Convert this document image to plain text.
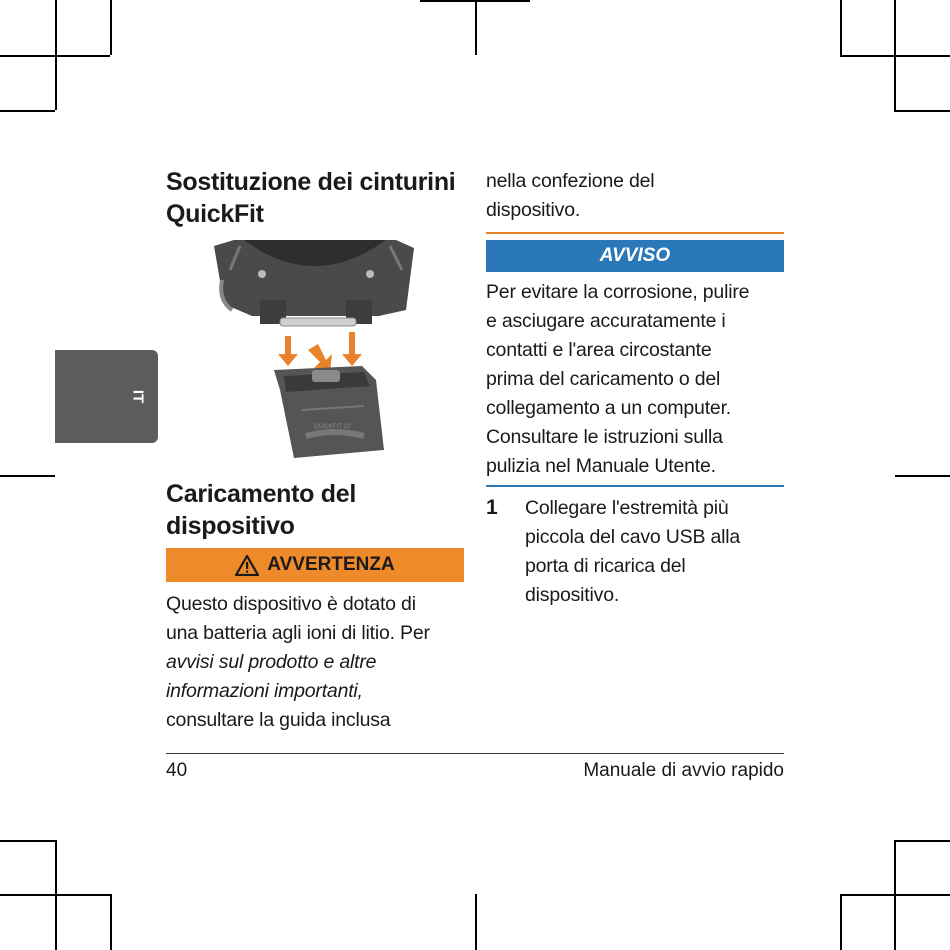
IT
Sostituzione dei cinturini
QuickFit
QUICKFIT 22
Caricamento del
dispositivo
AVVERTENZA

Questo dispositivo è dotato di
una batteria agli ioni di litio. Per
avvisi sul prodotto e altre
informazioni importanti,
consultare la guida inclusa

nella confezione del
dispositivo.

AVVISO

Per evitare la corrosione, pulire
e asciugare accuratamente i
contatti e l'area circostante
prima del caricamento o del
collegamento a un computer.
Consultare le istruzioni sulla
pulizia nel Manuale Utente.

1 Collegare l'estremità più
piccola del cavo USB alla
porta di ricarica del
dispositivo.

40	Manuale di avvio rapido
